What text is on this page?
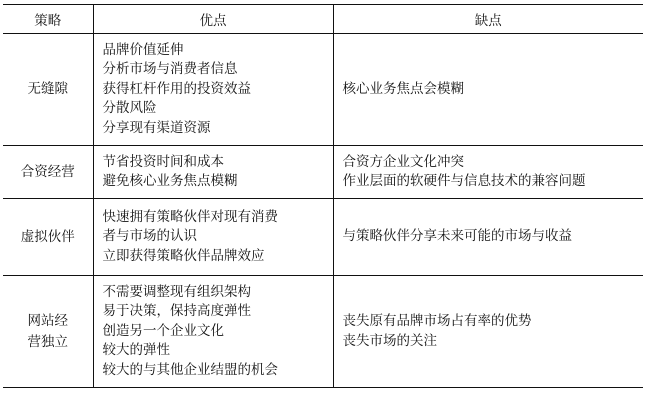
策略	优点	缺点

无缝隙	品牌价值延伸
分析市场与消费者信息
获得杠杆作用的投资效益
分散风险
分享现有渠道资源	核心业务焦点会模糊

合资经营	节省投资时间和成本
避免核心业务焦点模糊	合资方企业文化冲突
作业层面的软硬件与信息技术的兼容问题

虚拟伙伴	快速拥有策略伙伴对现有消费
者与市场的认识
立即获得策略伙伴品牌效应	与策略伙伴分享未来可能的市场与收益

网站经
营独立	不需要调整现有组织架构
易于决策，保持高度弹性
创造另一个企业文化
较大的弹性
较大的与其他企业结盟的机会	丧失原有品牌市场占有率的优势
丧失市场的关注
